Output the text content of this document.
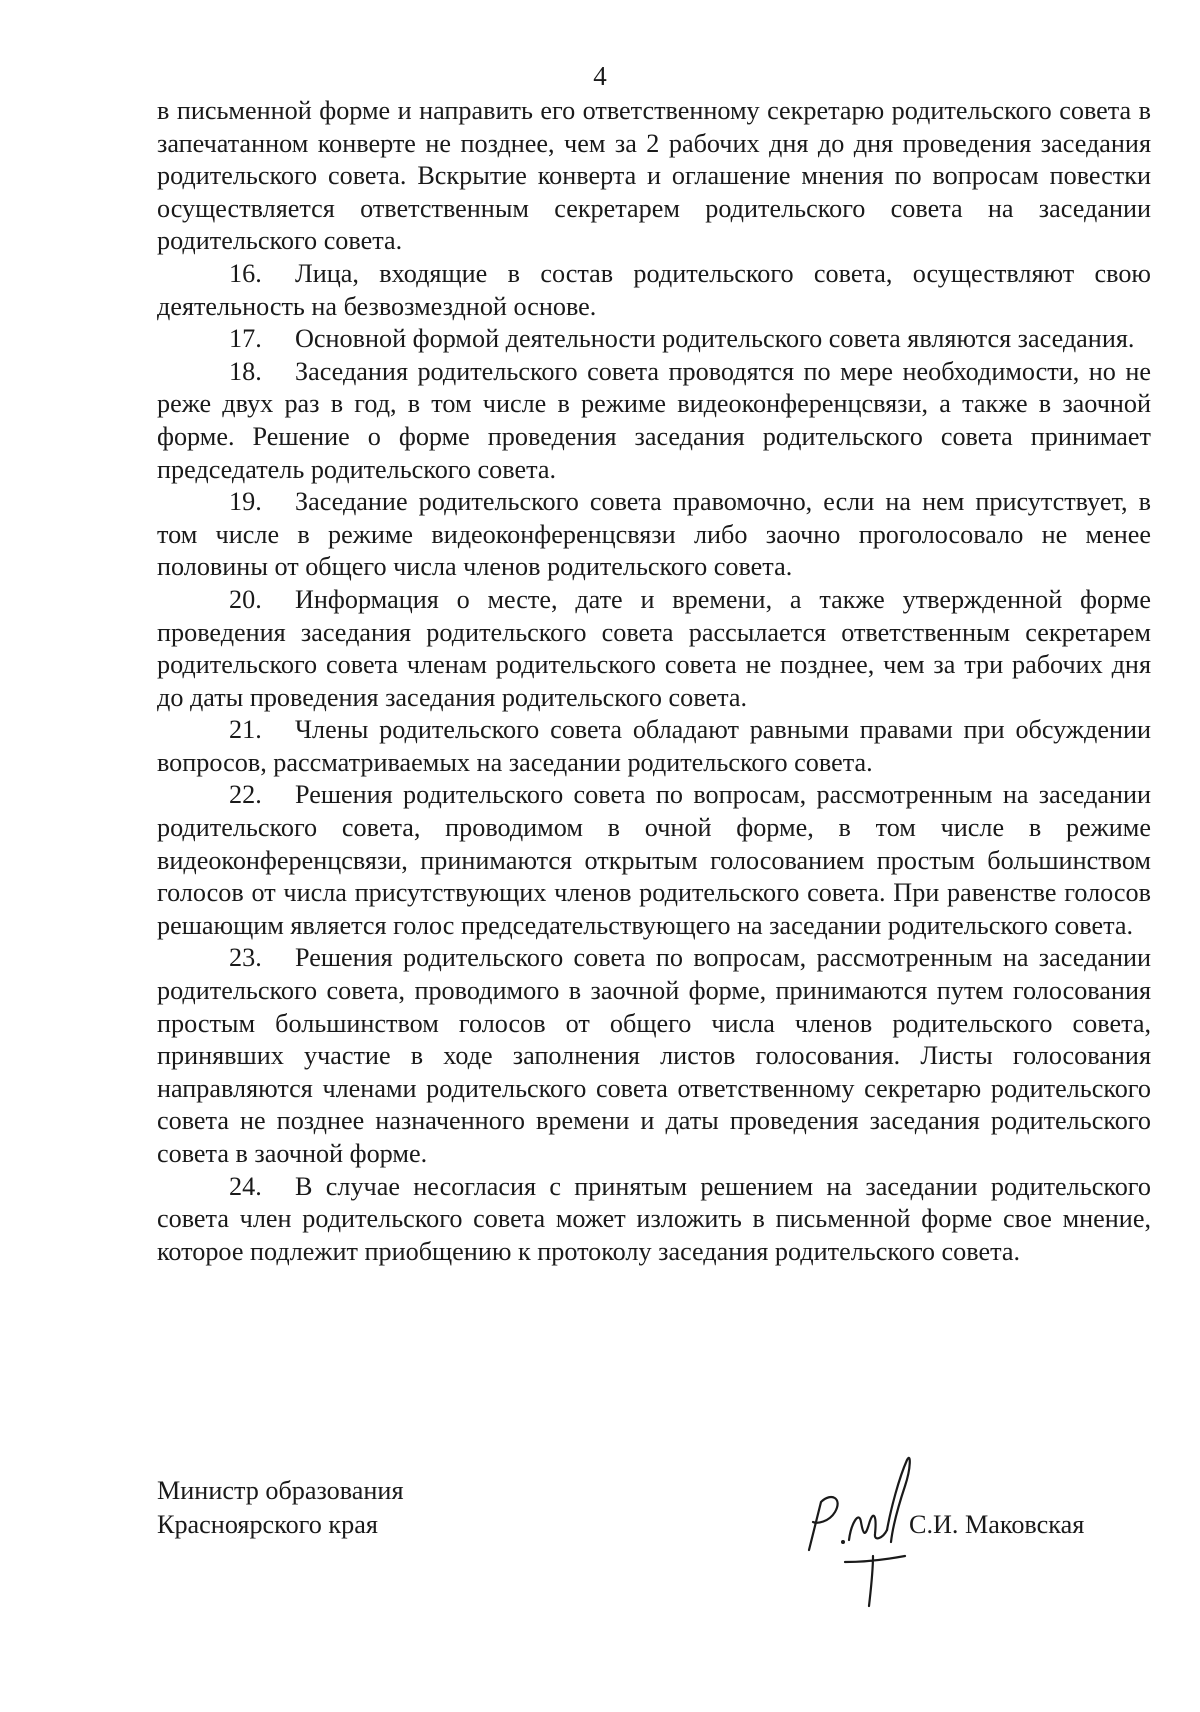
4

в письменной форме и направить его ответственному секретарю родительского совета в запечатанном конверте не позднее, чем за 2 рабочих дня до дня проведения заседания родительского совета. Вскрытие конверта и оглашение мнения по вопросам повестки осуществляется ответственным секретарем родительского совета на заседании родительского совета.

16. Лица, входящие в состав родительского совета, осуществляют свою деятельность на безвозмездной основе.

17. Основной формой деятельности родительского совета являются заседания.

18. Заседания родительского совета проводятся по мере необходимости, но не реже двух раз в год, в том числе в режиме видеоконференцсвязи, а также в заочной форме. Решение о форме проведения заседания родительского совета принимает председатель родительского совета.

19. Заседание родительского совета правомочно, если на нем присутствует, в том числе в режиме видеоконференцсвязи либо заочно проголосовало не менее половины от общего числа членов родительского совета.

20. Информация о месте, дате и времени, а также утвержденной форме проведения заседания родительского совета рассылается ответственным секретарем родительского совета членам родительского совета не позднее, чем за три рабочих дня до даты проведения заседания родительского совета.

21. Члены родительского совета обладают равными правами при обсуждении вопросов, рассматриваемых на заседании родительского совета.

22. Решения родительского совета по вопросам, рассмотренным на заседании родительского совета, проводимом в очной форме, в том числе в режиме видеоконференцсвязи, принимаются открытым голосованием простым большинством голосов от числа присутствующих членов родительского совета. При равенстве голосов решающим является голос председательствующего на заседании родительского совета.

23. Решения родительского совета по вопросам, рассмотренным на заседании родительского совета, проводимого в заочной форме, принимаются путем голосования простым большинством голосов от общего числа членов родительского совета, принявших участие в ходе заполнения листов голосования. Листы голосования направляются членами родительского совета ответственному секретарю родительского совета не позднее назначенного времени и даты проведения заседания родительского совета в заочной форме.

24. В случае несогласия с принятым решением на заседании родительского совета член родительского совета может изложить в письменной форме свое мнение, которое подлежит приобщению к протоколу заседания родительского совета.

Министр образования
Красноярского края	С.И. Маковская
